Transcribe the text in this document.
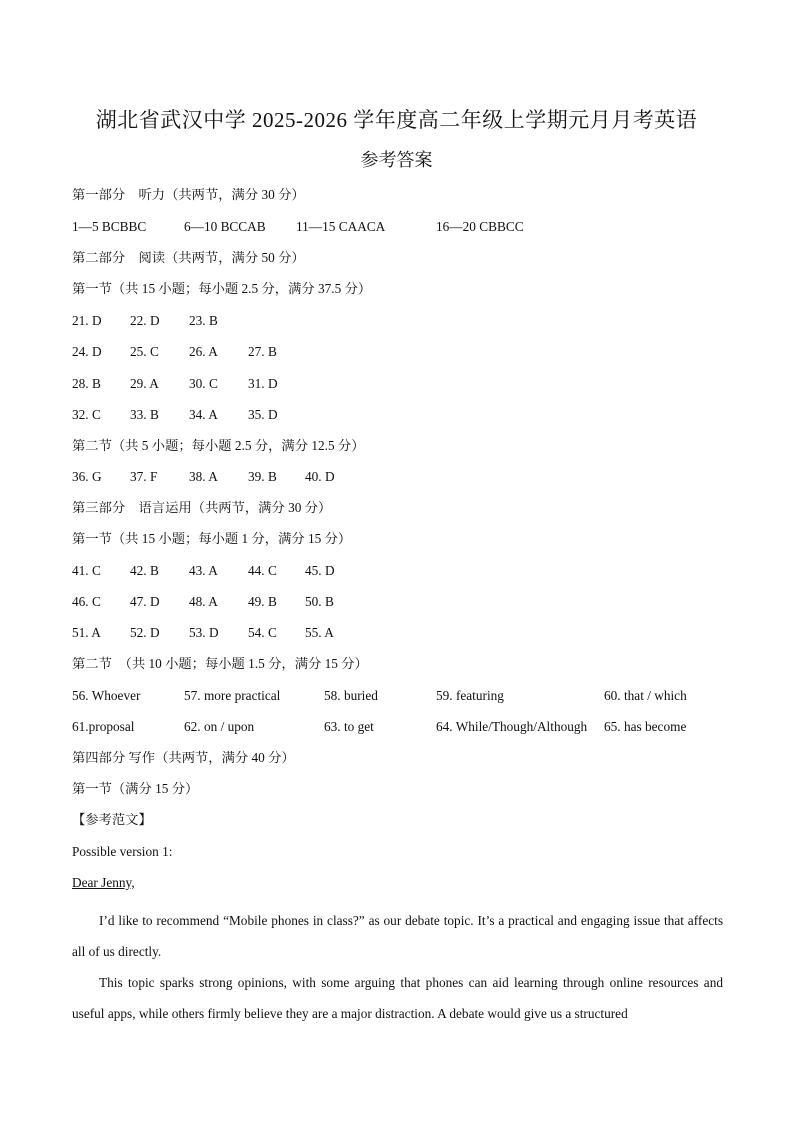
湖北省武汉中学 2025-2026 学年度高二年级上学期元月月考英语
参考答案
第一部分　听力（共两节，满分 30 分）
1—5 BCBBC	6—10 BCCAB 11—15 CAACA	16—20 CBBCC
第二部分　阅读（共两节，满分 50 分）
第一节（共 15 小题；每小题 2.5 分，满分 37.5 分）
21. D 22. D 23. B
24. D 25. C 26. A 27. B
28. B 29. A 30. C 31. D
32. C 33. B 34. A 35. D
第二节（共 5 小题；每小题 2.5 分，满分 12.5 分）
36. G 37. F 38. A 39. B 40. D
第三部分　语言运用（共两节，满分 30 分）
第一节（共 15 小题；每小题 1 分，满分 15 分）
41. C 42. B 43. A 44. C 45. D
46. C 47. D 48. A 49. B 50. B
51. A 52. D 53. D 54. C 55. A
第二节　（共 10 小题；每小题 1.5 分，满分 15 分）
56. Whoever	57. more practical	58. buried	59. featuring	60. that / which
61.proposal	62. on / upon	63. to get	64. While/Though/Although 65. has become
第四部分 写作（共两节，满分 40 分）
第一节（满分 15 分）
【参考范文】
Possible version 1:
Dear Jenny,
I’d like to recommend “Mobile phones in class?” as our debate topic. It’s a practical and engaging issue that affects all of us directly.
This topic sparks strong opinions, with some arguing that phones can aid learning through online resources and useful apps, while others firmly believe they are a major distraction. A debate would give us a structured
